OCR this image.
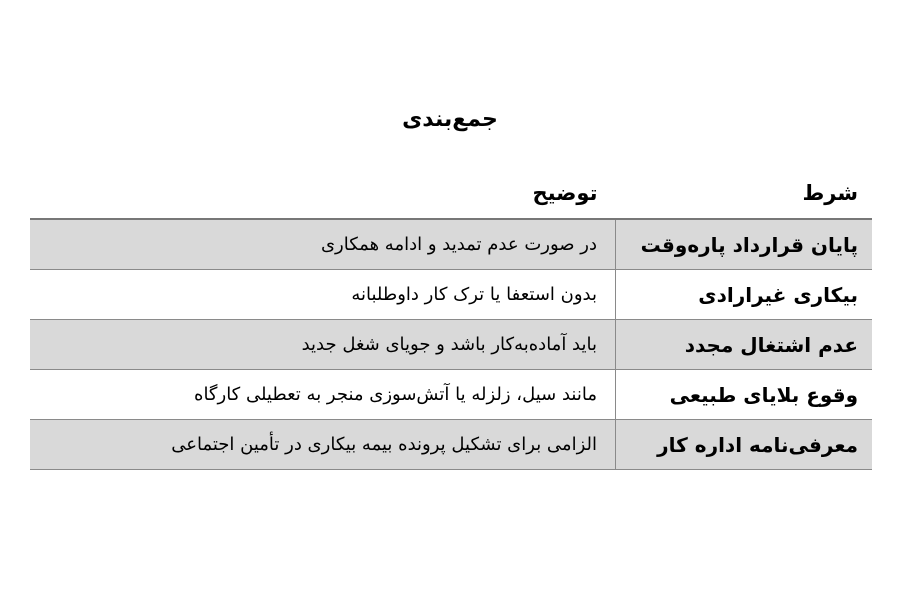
جمع‌بندی
شرط	توضیح
پایان قرارداد پاره‌وقت	در صورت عدم تمدید و ادامه همکاری
بیکاری غیرارادی	بدون استعفا یا ترک کار داوطلبانه
عدم اشتغال مجدد	باید آماده‌به‌کار باشد و جویای شغل جدید
وقوع بلایای طبیعی	مانند سیل، زلزله یا آتش‌سوزی منجر به تعطیلی کارگاه
معرفی‌نامه اداره کار	الزامی برای تشکیل پرونده بیمه بیکاری در تأمین اجتماعی
